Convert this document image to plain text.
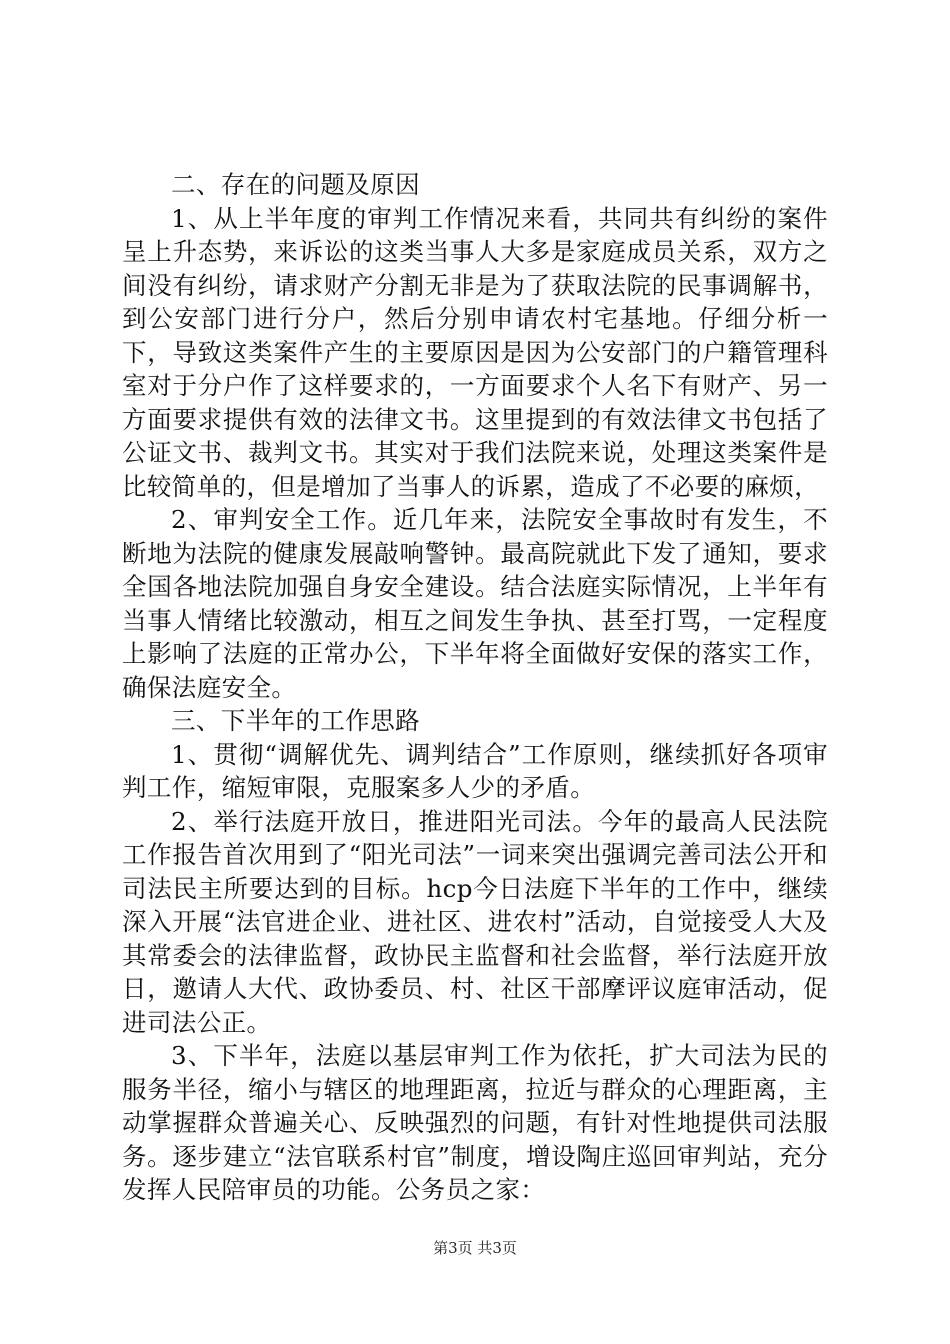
二、存在的问题及原因

1、从上半年度的审判工作情况来看，共同共有纠纷的案件呈上升态势，来诉讼的这类当事人大多是家庭成员关系，双方之间没有纠纷，请求财产分割无非是为了获取法院的民事调解书，到公安部门进行分户，然后分别申请农村宅基地。仔细分析一下，导致这类案件产生的主要原因是因为公安部门的户籍管理科室对于分户作了这样要求的，一方面要求个人名下有财产、另一方面要求提供有效的法律文书。这里提到的有效法律文书包括了公证文书、裁判文书。其实对于我们法院来说，处理这类案件是比较简单的，但是增加了当事人的诉累，造成了不必要的麻烦，

2、审判安全工作。近几年来，法院安全事故时有发生，不断地为法院的健康发展敲响警钟。最高院就此下发了通知，要求全国各地法院加强自身安全建设。结合法庭实际情况，上半年有当事人情绪比较激动，相互之间发生争执、甚至打骂，一定程度上影响了法庭的正常办公，下半年将全面做好安保的落实工作，确保法庭安全。

三、下半年的工作思路

1、贯彻“调解优先、调判结合”工作原则，继续抓好各项审判工作，缩短审限，克服案多人少的矛盾。

2、举行法庭开放日，推进阳光司法。今年的最高人民法院工作报告首次用到了“阳光司法”一词来突出强调完善司法公开和司法民主所要达到的目标。hcp今日法庭下半年的工作中，继续深入开展“法官进企业、进社区、进农村”活动，自觉接受人大及其常委会的法律监督，政协民主监督和社会监督，举行法庭开放日，邀请人大代、政协委员、村、社区干部摩评议庭审活动，促进司法公正。

3、下半年，法庭以基层审判工作为依托，扩大司法为民的服务半径，缩小与辖区的地理距离，拉近与群众的心理距离，主动掌握群众普遍关心、反映强烈的问题，有针对性地提供司法服务。逐步建立“法官联系村官”制度，增设陶庄巡回审判站，充分发挥人民陪审员的功能。公务员之家：

第3页 共3页
